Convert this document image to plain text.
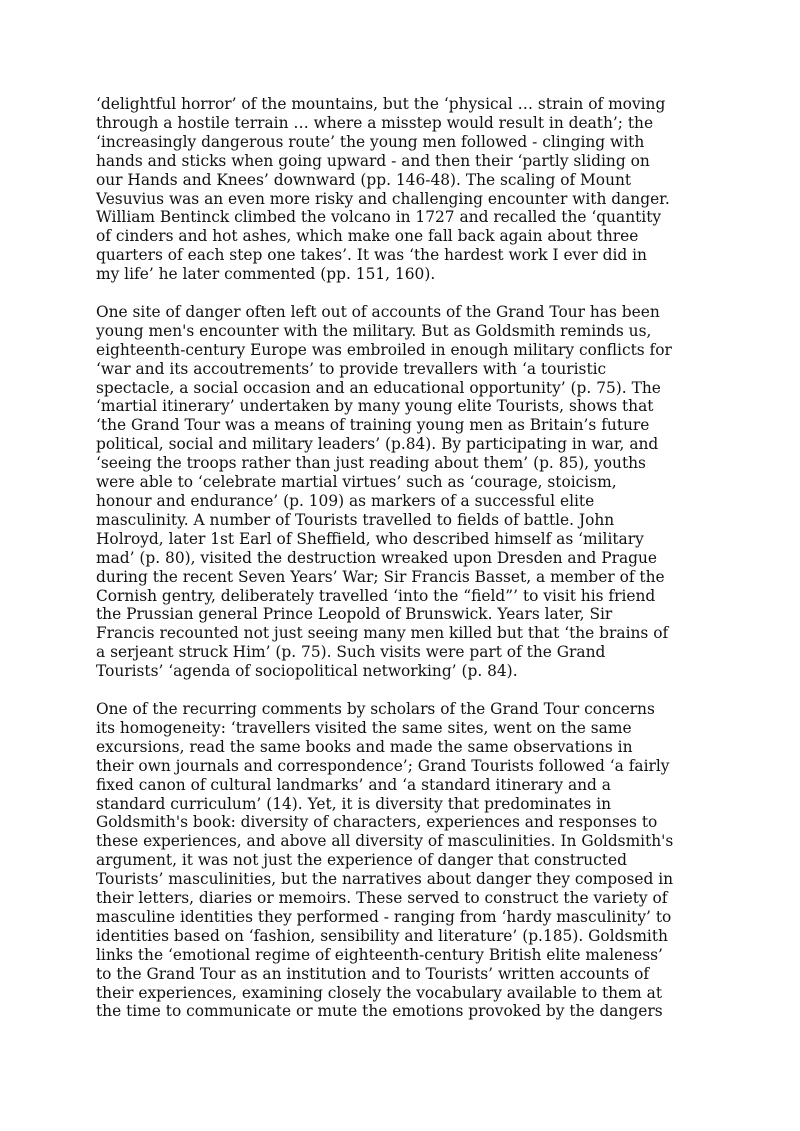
‘delightful horror’ of the mountains, but the ‘physical … strain of moving
through a hostile terrain … where a misstep would result in death’; the
‘increasingly dangerous route’ the young men followed - clinging with
hands and sticks when going upward - and then their ‘partly sliding on
our Hands and Knees’ downward (pp. 146-48). The scaling of Mount
Vesuvius was an even more risky and challenging encounter with danger.
William Bentinck climbed the volcano in 1727 and recalled the ‘quantity
of cinders and hot ashes, which make one fall back again about three
quarters of each step one takes’. It was ‘the hardest work I ever did in
my life’ he later commented (pp. 151, 160).
One site of danger often left out of accounts of the Grand Tour has been
young men's encounter with the military. But as Goldsmith reminds us,
eighteenth-century Europe was embroiled in enough military conflicts for
‘war and its accoutrements’ to provide trevallers with ‘a touristic
spectacle, a social occasion and an educational opportunity’ (p. 75). The
‘martial itinerary’ undertaken by many young elite Tourists, shows that
‘the Grand Tour was a means of training young men as Britain’s future
political, social and military leaders’ (p.84). By participating in war, and
‘seeing the troops rather than just reading about them’ (p. 85), youths
were able to ‘celebrate martial virtues’ such as ‘courage, stoicism,
honour and endurance’ (p. 109) as markers of a successful elite
masculinity. A number of Tourists travelled to fields of battle. John
Holroyd, later 1st Earl of Sheffield, who described himself as ‘military
mad’ (p. 80), visited the destruction wreaked upon Dresden and Prague
during the recent Seven Years’ War; Sir Francis Basset, a member of the
Cornish gentry, deliberately travelled ‘into the “field”’ to visit his friend
the Prussian general Prince Leopold of Brunswick. Years later, Sir
Francis recounted not just seeing many men killed but that ‘the brains of
a serjeant struck Him’ (p. 75). Such visits were part of the Grand
Tourists’ ‘agenda of sociopolitical networking’ (p. 84).
One of the recurring comments by scholars of the Grand Tour concerns
its homogeneity: ‘travellers visited the same sites, went on the same
excursions, read the same books and made the same observations in
their own journals and correspondence’; Grand Tourists followed ‘a fairly
fixed canon of cultural landmarks’ and ‘a standard itinerary and a
standard curriculum’ (14). Yet, it is diversity that predominates in
Goldsmith's book: diversity of characters, experiences and responses to
these experiences, and above all diversity of masculinities. In Goldsmith's
argument, it was not just the experience of danger that constructed
Tourists’ masculinities, but the narratives about danger they composed in
their letters, diaries or memoirs. These served to construct the variety of
masculine identities they performed - ranging from ‘hardy masculinity’ to
identities based on ‘fashion, sensibility and literature’ (p.185). Goldsmith
links the ‘emotional regime of eighteenth-century British elite maleness’
to the Grand Tour as an institution and to Tourists’ written accounts of
their experiences, examining closely the vocabulary available to them at
the time to communicate or mute the emotions provoked by the dangers
